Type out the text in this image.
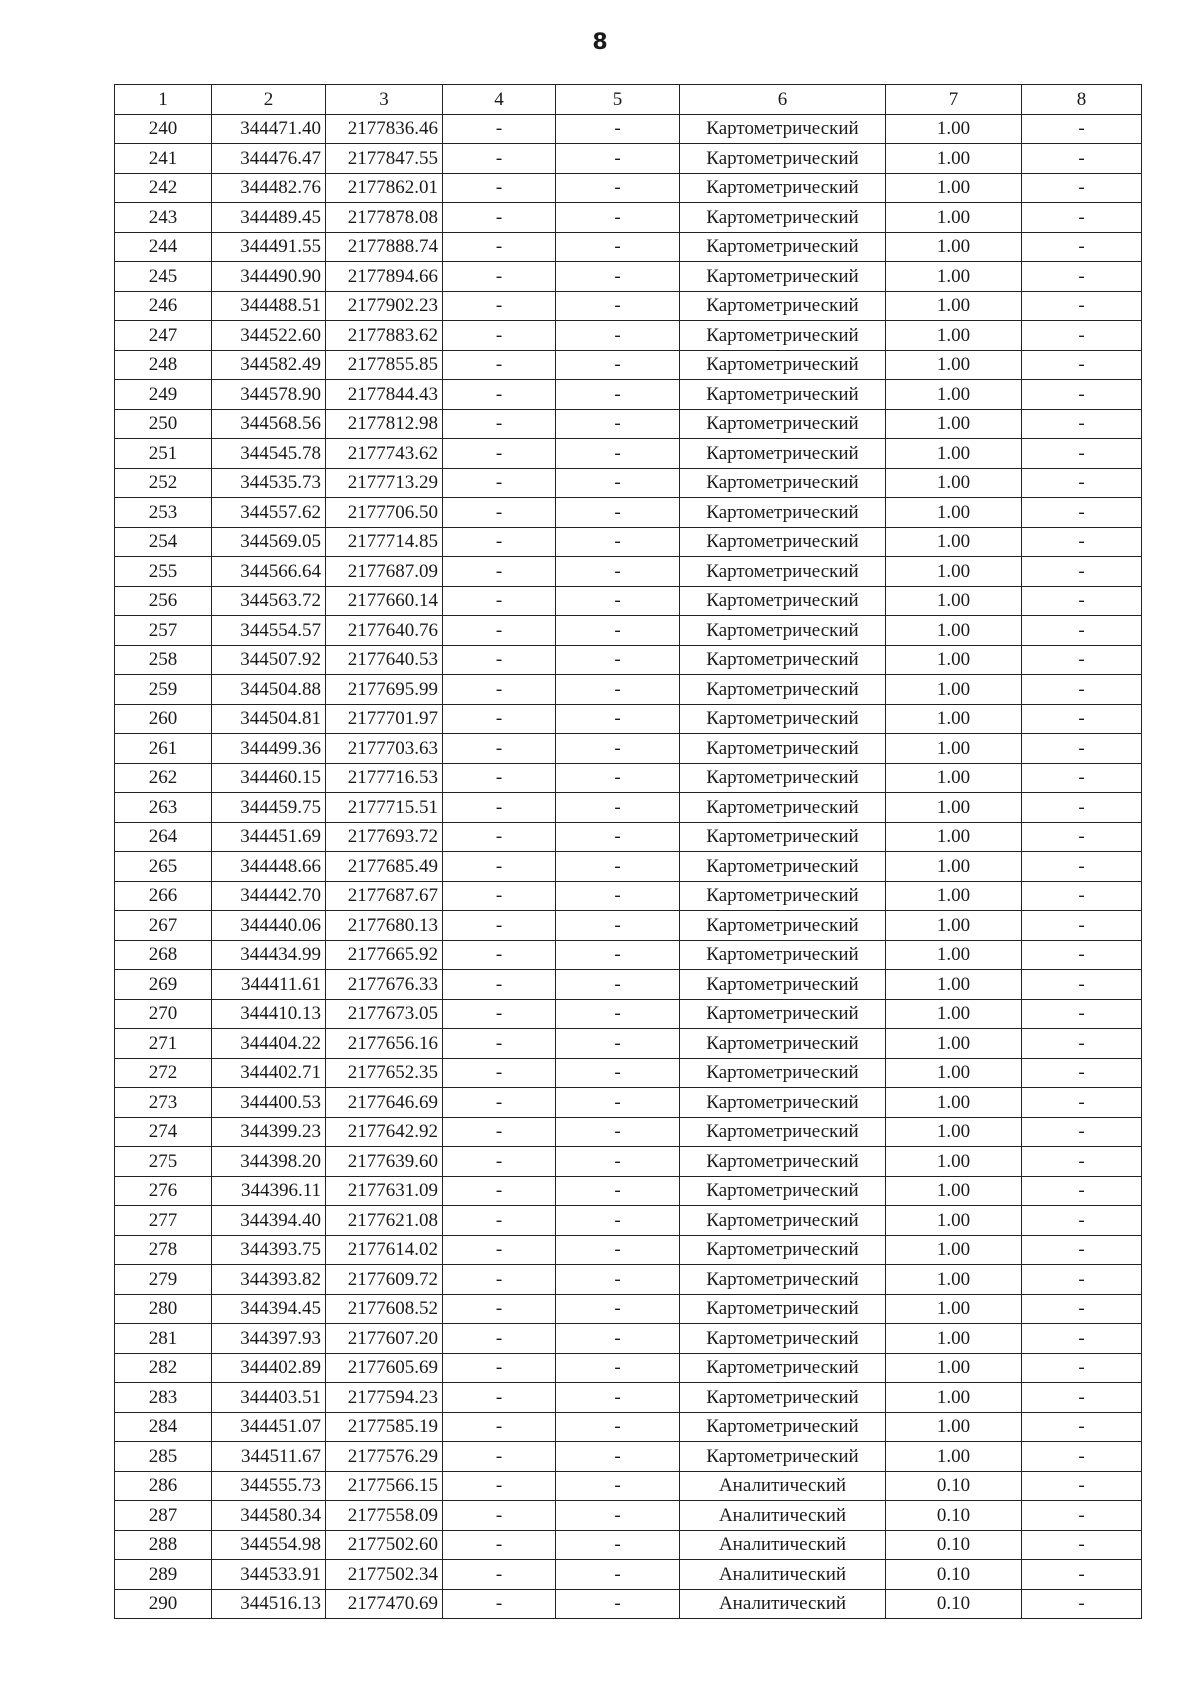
8
1	2	3	4	5	6	7	8
240	344471.40	2177836.46	-	-	Картометрический	1.00	-
241	344476.47	2177847.55	-	-	Картометрический	1.00	-
242	344482.76	2177862.01	-	-	Картометрический	1.00	-
243	344489.45	2177878.08	-	-	Картометрический	1.00	-
244	344491.55	2177888.74	-	-	Картометрический	1.00	-
245	344490.90	2177894.66	-	-	Картометрический	1.00	-
246	344488.51	2177902.23	-	-	Картометрический	1.00	-
247	344522.60	2177883.62	-	-	Картометрический	1.00	-
248	344582.49	2177855.85	-	-	Картометрический	1.00	-
249	344578.90	2177844.43	-	-	Картометрический	1.00	-
250	344568.56	2177812.98	-	-	Картометрический	1.00	-
251	344545.78	2177743.62	-	-	Картометрический	1.00	-
252	344535.73	2177713.29	-	-	Картометрический	1.00	-
253	344557.62	2177706.50	-	-	Картометрический	1.00	-
254	344569.05	2177714.85	-	-	Картометрический	1.00	-
255	344566.64	2177687.09	-	-	Картометрический	1.00	-
256	344563.72	2177660.14	-	-	Картометрический	1.00	-
257	344554.57	2177640.76	-	-	Картометрический	1.00	-
258	344507.92	2177640.53	-	-	Картометрический	1.00	-
259	344504.88	2177695.99	-	-	Картометрический	1.00	-
260	344504.81	2177701.97	-	-	Картометрический	1.00	-
261	344499.36	2177703.63	-	-	Картометрический	1.00	-
262	344460.15	2177716.53	-	-	Картометрический	1.00	-
263	344459.75	2177715.51	-	-	Картометрический	1.00	-
264	344451.69	2177693.72	-	-	Картометрический	1.00	-
265	344448.66	2177685.49	-	-	Картометрический	1.00	-
266	344442.70	2177687.67	-	-	Картометрический	1.00	-
267	344440.06	2177680.13	-	-	Картометрический	1.00	-
268	344434.99	2177665.92	-	-	Картометрический	1.00	-
269	344411.61	2177676.33	-	-	Картометрический	1.00	-
270	344410.13	2177673.05	-	-	Картометрический	1.00	-
271	344404.22	2177656.16	-	-	Картометрический	1.00	-
272	344402.71	2177652.35	-	-	Картометрический	1.00	-
273	344400.53	2177646.69	-	-	Картометрический	1.00	-
274	344399.23	2177642.92	-	-	Картометрический	1.00	-
275	344398.20	2177639.60	-	-	Картометрический	1.00	-
276	344396.11	2177631.09	-	-	Картометрический	1.00	-
277	344394.40	2177621.08	-	-	Картометрический	1.00	-
278	344393.75	2177614.02	-	-	Картометрический	1.00	-
279	344393.82	2177609.72	-	-	Картометрический	1.00	-
280	344394.45	2177608.52	-	-	Картометрический	1.00	-
281	344397.93	2177607.20	-	-	Картометрический	1.00	-
282	344402.89	2177605.69	-	-	Картометрический	1.00	-
283	344403.51	2177594.23	-	-	Картометрический	1.00	-
284	344451.07	2177585.19	-	-	Картометрический	1.00	-
285	344511.67	2177576.29	-	-	Картометрический	1.00	-
286	344555.73	2177566.15	-	-	Аналитический	0.10	-
287	344580.34	2177558.09	-	-	Аналитический	0.10	-
288	344554.98	2177502.60	-	-	Аналитический	0.10	-
289	344533.91	2177502.34	-	-	Аналитический	0.10	-
290	344516.13	2177470.69	-	-	Аналитический	0.10	-
